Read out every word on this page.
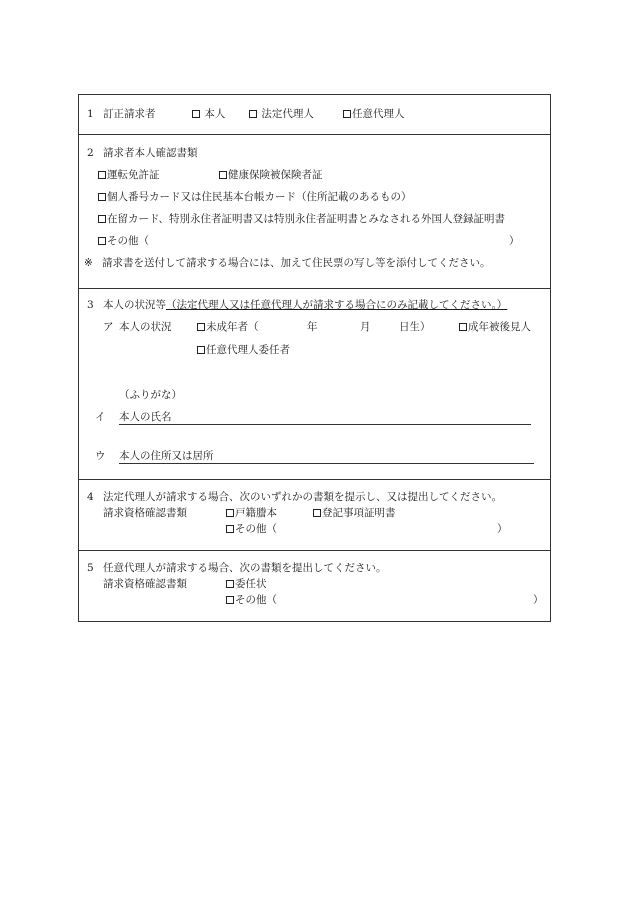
1 訂正請求者	本人	法定代理人	任意代理人
2 請求者本人確認書類
運転免許証	健康保険被保険者証
個人番号カード又は住民基本台帳カード（住所記載のあるもの）
在留カード、特別永住者証明書又は特別永住者証明書とみなされる外国人登録証明書
その他（	）
※ 請求書を送付して請求する場合には、加えて住民票の写し等を添付してください。
3 本人の状況等（法定代理人又は任意代理人が請求する場合にのみ記載してください。）
ア 本人の状況	未成年者（	年	月	日生）	成年被後見人
任意代理人委任者
（ふりがな）
イ 本人の氏名
ウ 本人の住所又は居所
4 法定代理人が請求する場合、次のいずれかの書類を提示し、又は提出してください。
請求資格確認書類	戸籍謄本	登記事項証明書
その他（	）
5 任意代理人が請求する場合、次の書類を提出してください。
請求資格確認書類	委任状
その他（	）
